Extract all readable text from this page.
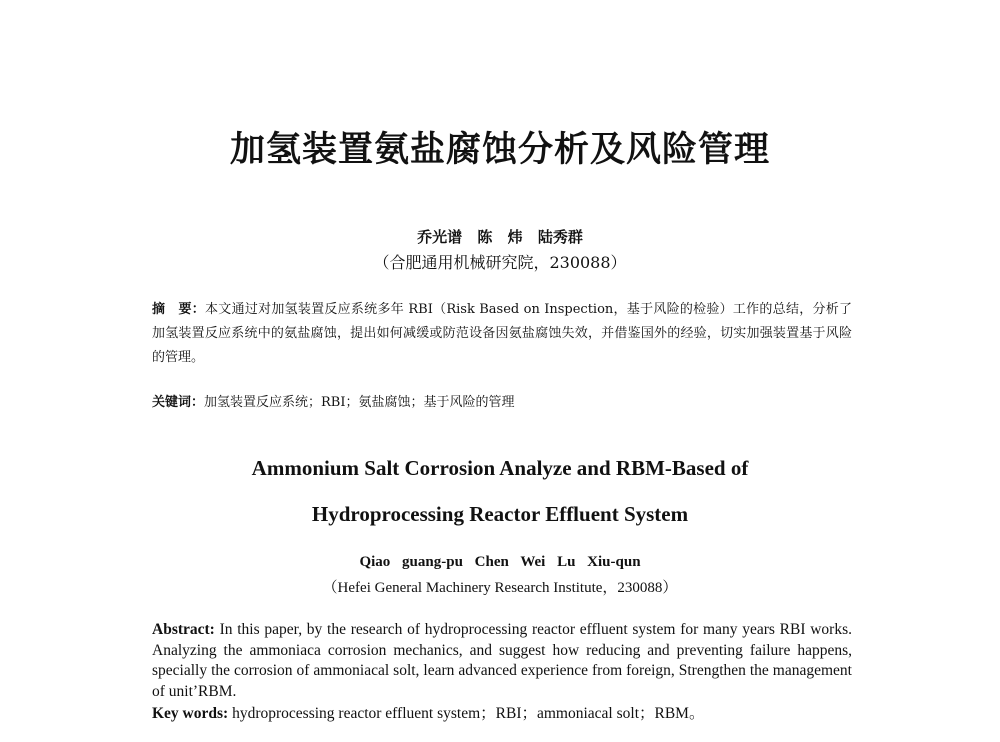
加氢装置氨盐腐蚀分析及风险管理
乔光谱 陈 炜 陆秀群
（合肥通用机械研究院，230088）
摘　要：本文通过对加氢装置反应系统多年 RBI（Risk Based on Inspection，基于风险的检验）工作的总结，分析了加氢装置反应系统中的氨盐腐蚀，提出如何减缓或防范设备因氨盐腐蚀失效，并借鉴国外的经验，切实加强装置基于风险的管理。
关键词：加氢装置反应系统；RBI；氨盐腐蚀；基于风险的管理
Ammonium Salt Corrosion Analyze and RBM-Based of
Hydroprocessing Reactor Effluent System
Qiao guang-pu Chen Wei Lu Xiu-qun
（Hefei General Machinery Research Institute，230088）
Abstract: In this paper, by the research of hydroprocessing reactor effluent system for many years RBI works. Analyzing the ammoniaca corrosion mechanics, and suggest how reducing and preventing failure happens, specially the corrosion of ammoniacal solt, learn advanced experience from foreign, Strengthen the management of unit’RBM.
Key words: hydroprocessing reactor effluent system；RBI；ammoniacal solt；RBM。
